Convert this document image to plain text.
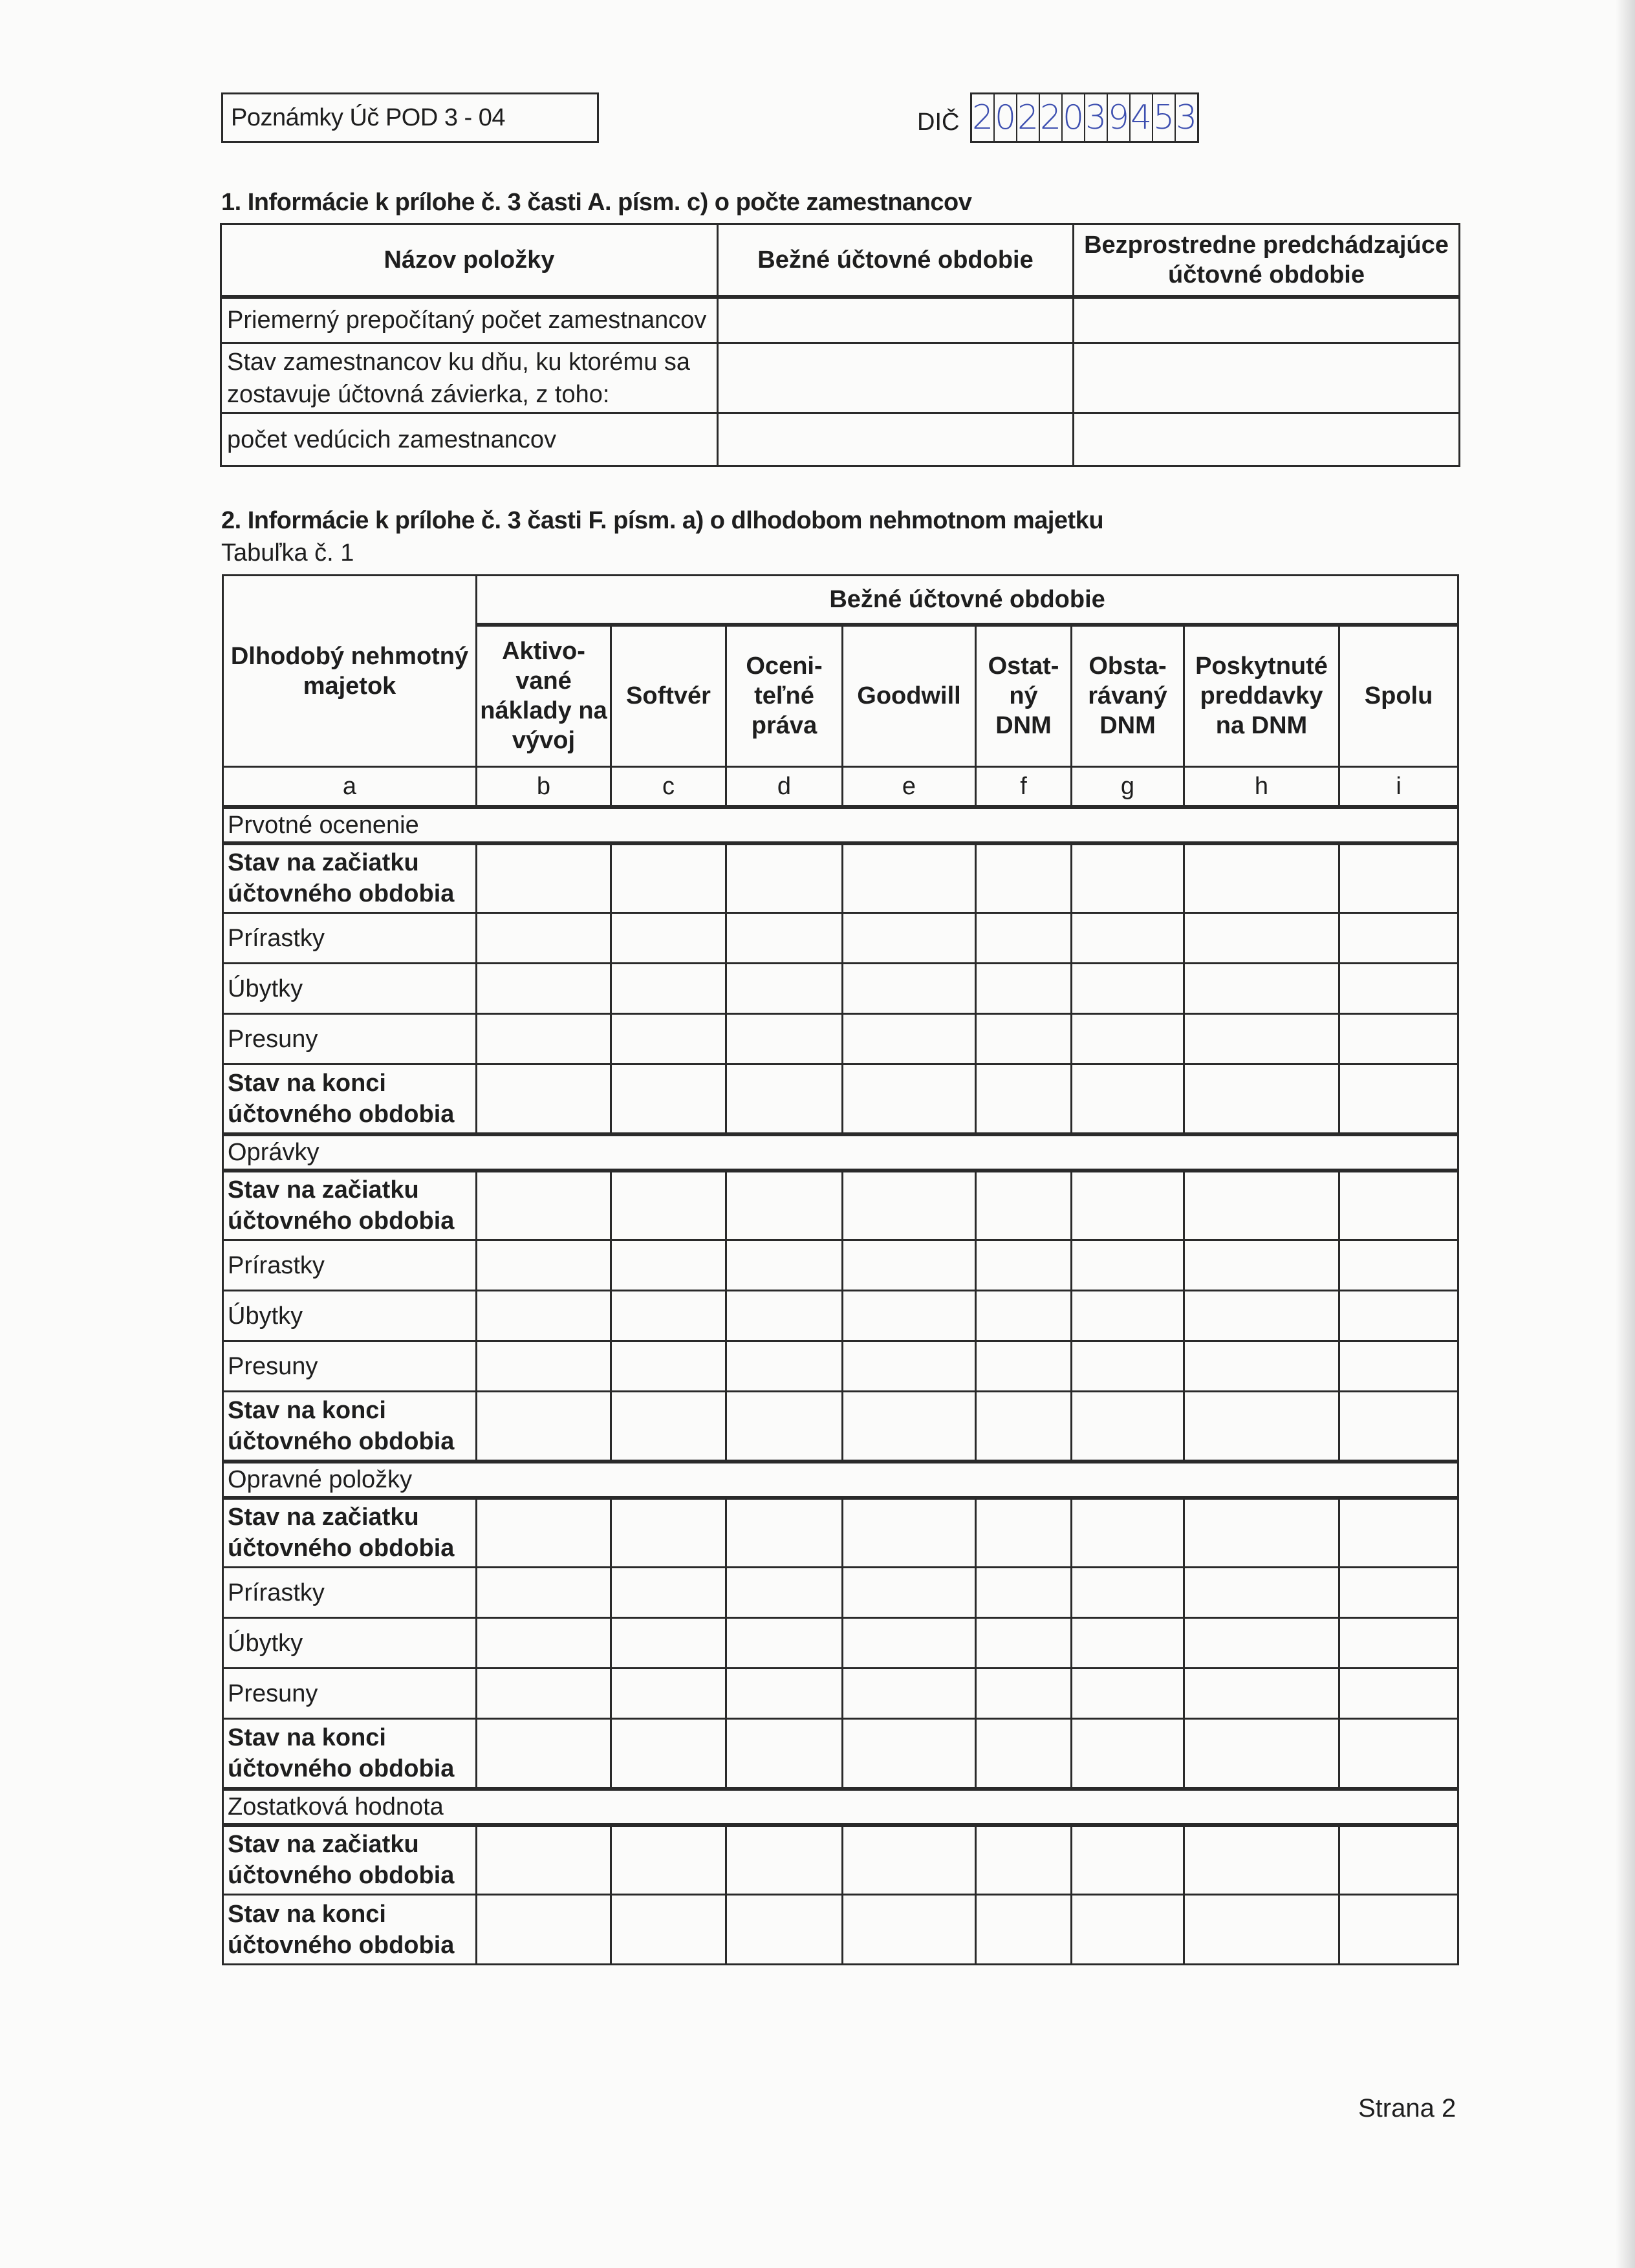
Poznámky Úč POD 3 - 04	DIČ 2 0 2 2 0 3 9 4 5 3
1. Informácie k prílohe č. 3 časti A. písm. c) o počte zamestnancov
Názov položky	Bežné účtovné obdobie	Bezprostredne predchádzajúce účtovné obdobie
Priemerný prepočítaný počet zamestnancov		
Stav zamestnancov ku dňu, ku ktorému sa zostavuje účtovná závierka, z toho:		
počet vedúcich zamestnancov		
2. Informácie k prílohe č. 3 časti F. písm. a) o dlhodobom nehmotnom majetku
Tabuľka č. 1
Dlhodobý nehmotný majetok	Bežné účtovné obdobie							
	Aktivo-vané náklady na vývoj	Softvér	Oceni-teľné práva	Goodwill	Ostat-ný DNM	Obsta-rávaný DNM	Poskytnuté preddavky na DNM	Spolu
a	b	c	d	e	f	g	h	i
Prvotné ocenenie								
Stav na začiatku účtovného obdobia								
Prírastky								
Úbytky								
Presuny								
Stav na konci účtovného obdobia								
Oprávky								
Stav na začiatku účtovného obdobia								
Prírastky								
Úbytky								
Presuny								
Stav na konci účtovného obdobia								
Opravné položky								
Stav na začiatku účtovného obdobia								
Prírastky								
Úbytky								
Presuny								
Stav na konci účtovného obdobia								
Zostatková hodnota								
Stav na začiatku účtovného obdobia								
Stav na konci účtovného obdobia								
Strana 2
